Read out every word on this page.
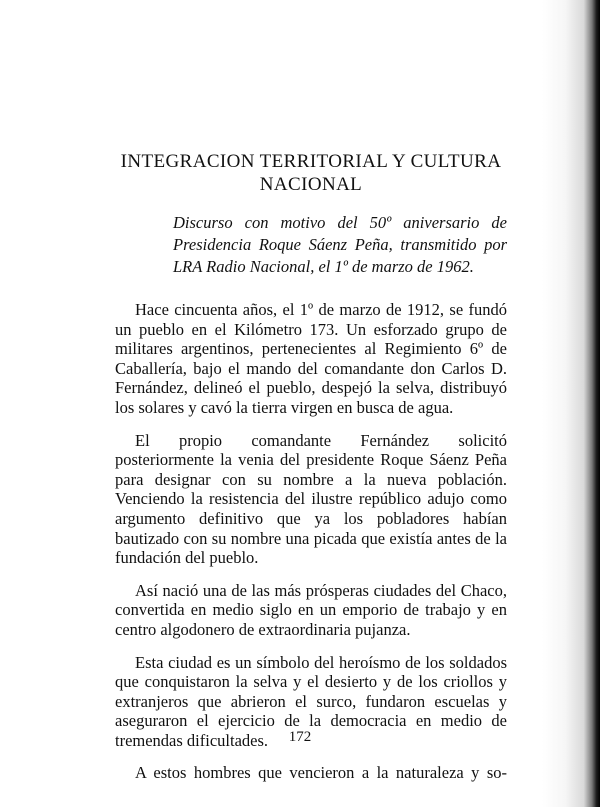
INTEGRACION TERRITORIAL Y CULTURA
NACIONAL

Discurso con motivo del 50º aniversario de Presidencia Roque Sáenz Peña, transmitido por LRA Radio Nacional, el 1º de marzo de 1962.

Hace cincuenta años, el 1º de marzo de 1912, se fundó un pueblo en el Kilómetro 173. Un esforzado grupo de militares argentinos, pertenecientes al Regimiento 6º de Caballería, bajo el mando del comandante don Carlos D. Fernández, delineó el pueblo, despejó la selva, distribuyó los solares y cavó la tierra virgen en busca de agua.

El propio comandante Fernández solicitó posteriormente la venia del presidente Roque Sáenz Peña para designar con su nombre a la nueva población. Venciendo la resistencia del ilustre repúblico adujo como argumento definitivo que ya los pobladores habían bautizado con su nombre una picada que existía antes de la fundación del pueblo.

Así nació una de las más prósperas ciudades del Chaco, convertida en medio siglo en un emporio de trabajo y en centro algodonero de extraordinaria pujanza.

Esta ciudad es un símbolo del heroísmo de los soldados que conquistaron la selva y el desierto y de los criollos y extranjeros que abrieron el surco, fundaron escuelas y aseguraron el ejercicio de la democracia en medio de tremendas dificultades.

A estos hombres que vencieron a la naturaleza y so-

172
